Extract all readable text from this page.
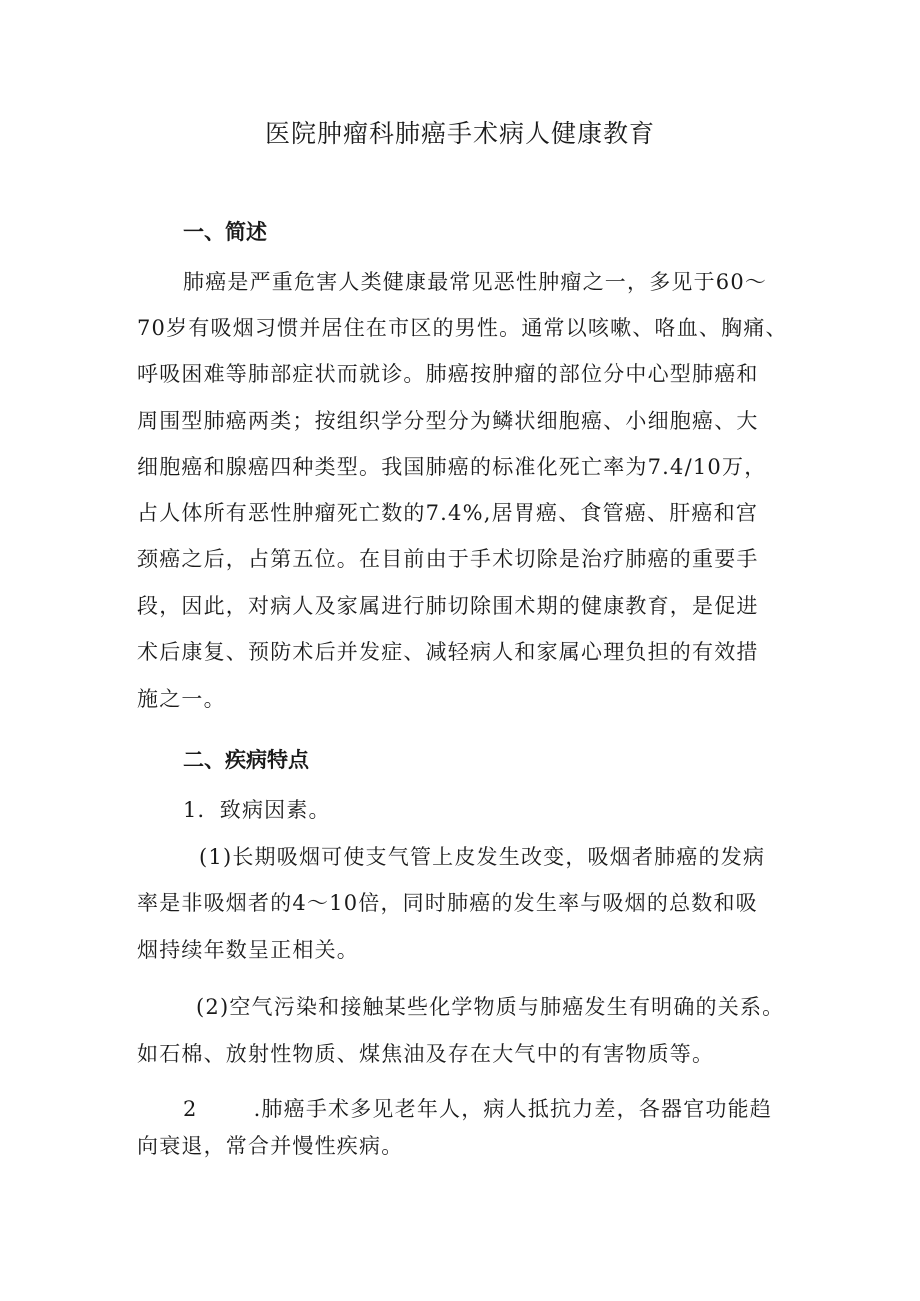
医院肿瘤科肺癌手术病人健康教育
一、简述

肺癌是严重危害人类健康最常见恶性肿瘤之一，多见于60～

70岁有吸烟习惯并居住在市区的男性。通常以咳嗽、咯血、胸痛、

呼吸困难等肺部症状而就诊。肺癌按肿瘤的部位分中心型肺癌和

周围型肺癌两类；按组织学分型分为鳞状细胞癌、小细胞癌、大

细胞癌和腺癌四种类型。我国肺癌的标准化死亡率为7.4/10万，

占人体所有恶性肿瘤死亡数的7.4%,居胃癌、食管癌、肝癌和宫

颈癌之后，占第五位。在目前由于手术切除是治疗肺癌的重要手

段，因此，对病人及家属进行肺切除围术期的健康教育，是促进

术后康复、预防术后并发症、减轻病人和家属心理负担的有效措

施之一。

二、疾病特点

1．致病因素。

(1)长期吸烟可使支气管上皮发生改变，吸烟者肺癌的发病

率是非吸烟者的4～10倍，同时肺癌的发生率与吸烟的总数和吸

烟持续年数呈正相关。

(2)空气污染和接触某些化学物质与肺癌发生有明确的关系。

如石棉、放射性物质、煤焦油及存在大气中的有害物质等。

2	.肺癌手术多见老年人，病人抵抗力差，各器官功能趋

向衰退，常合并慢性疾病。
